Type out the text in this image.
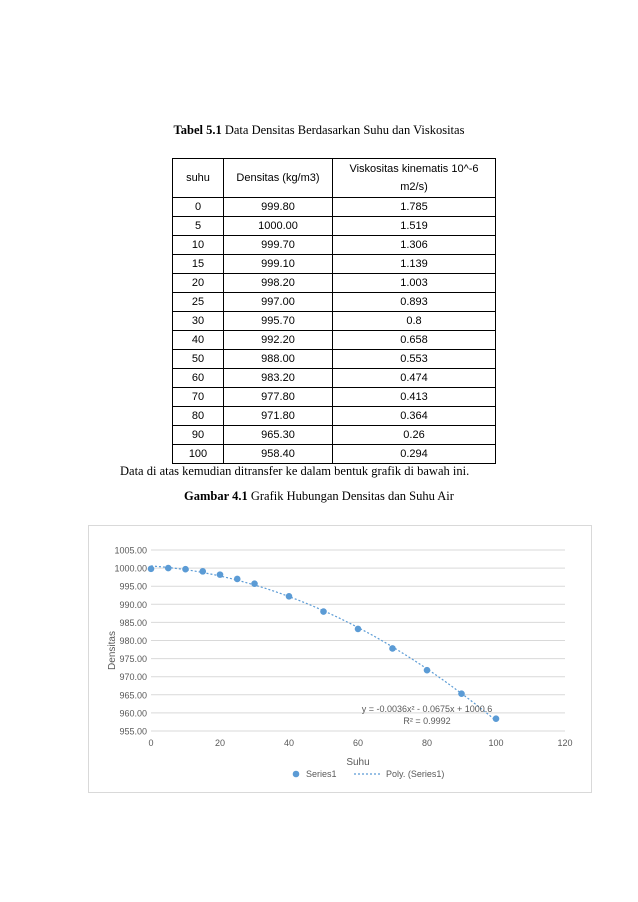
Tabel 5.1 Data Densitas Berdasarkan Suhu dan Viskositas
suhu	Densitas (kg/m3)	Viskositas kinematis 10^-6
m2/s)
0	999.80	1.785
5	1000.00	1.519
10	999.70	1.306
15	999.10	1.139
20	998.20	1.003
25	997.00	0.893
30	995.70	0.8
40	992.20	0.658
50	988.00	0.553
60	983.20	0.474
70	977.80	0.413
80	971.80	0.364
90	965.30	0.26
100	958.40	0.294
Data di atas kemudian ditransfer ke dalam bentuk grafik di bawah ini.
Gambar 4.1 Grafik Hubungan Densitas dan Suhu Air
955.00
960.00
965.00
970.00
975.00
980.00
985.00
990.00
995.00
1000.00
1005.00
0	20	40	60	80	100	120
Suhu
Densitas
y = -0.0036x² - 0.0675x + 1000.6
R² = 0.9992
Series1	Poly. (Series1)
